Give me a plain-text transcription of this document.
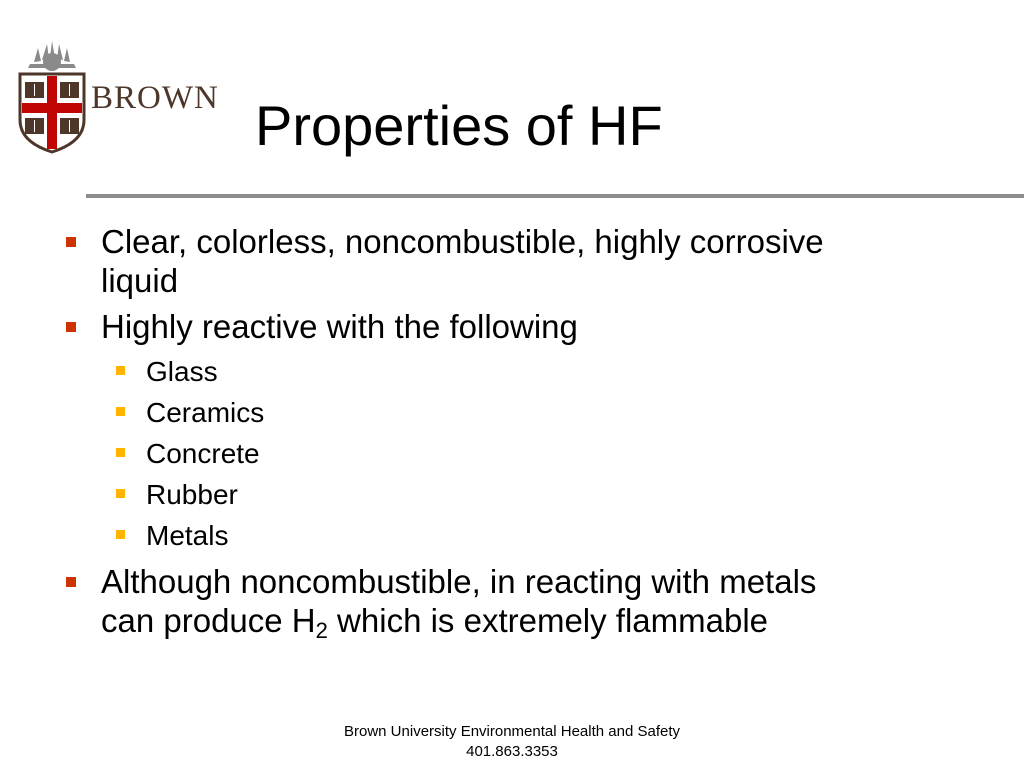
BROWN Properties of HF
Clear, colorless, noncombustible, highly corrosive liquid
Highly reactive with the following
Glass
Ceramics
Concrete
Rubber
Metals
Although noncombustible, in reacting with metals can produce $H_2$ which is extremely flammable
Brown University Environmental Health and Safety
401.863.3353
